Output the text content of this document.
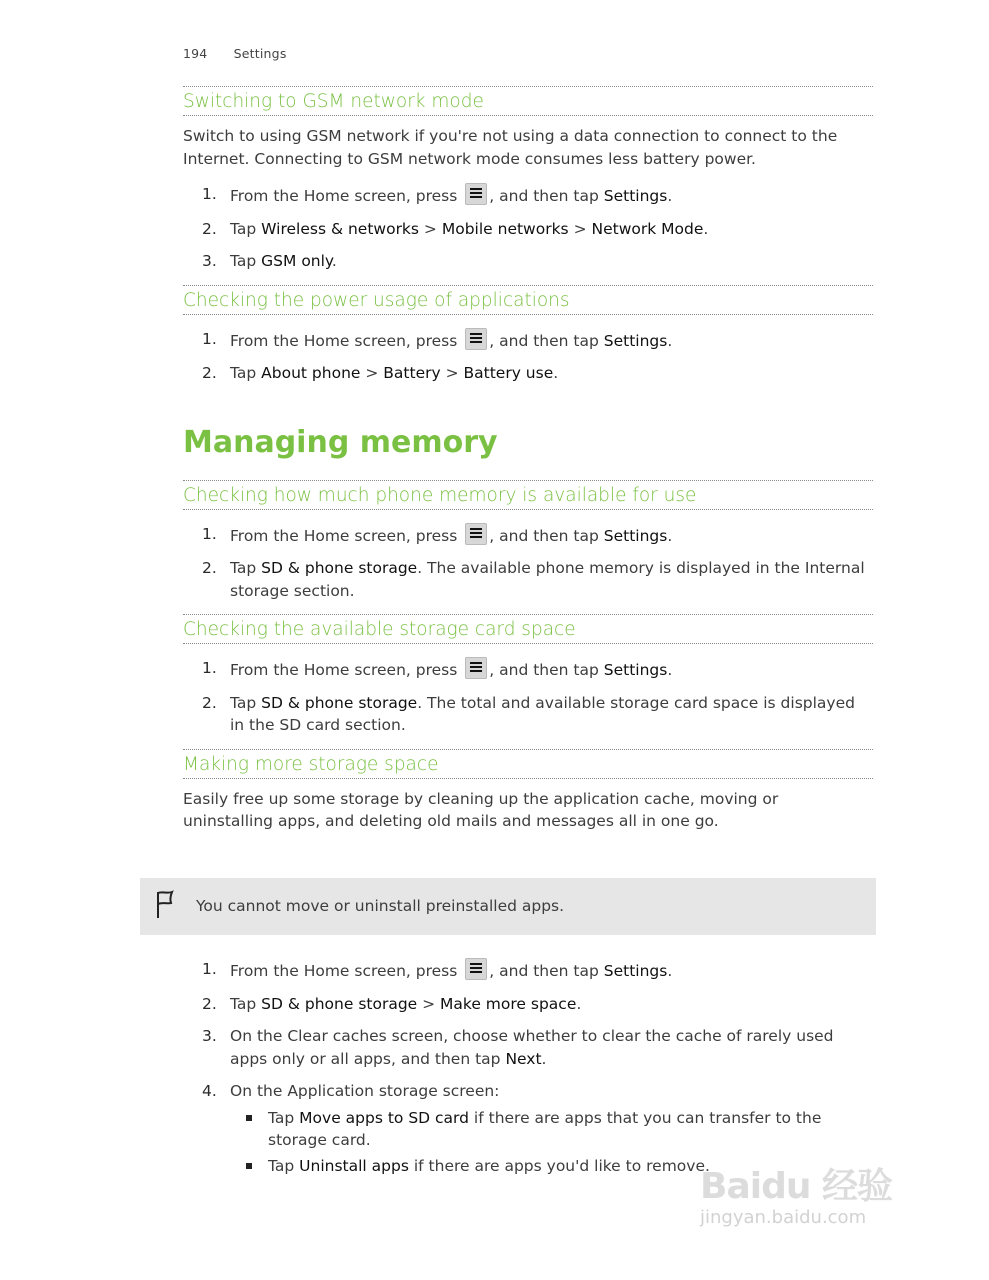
194 Settings
Switching to GSM network mode

Switch to using GSM network if you're not using a data connection to connect to the Internet. Connecting to GSM network mode consumes less battery power.

1. From the Home screen, press , and then tap Settings.
2. Tap Wireless & networks > Mobile networks > Network Mode.
3. Tap GSM only.
Checking the power usage of applications
1. From the Home screen, press , and then tap Settings.
2. Tap About phone > Battery > Battery use.
Managing memory
Checking how much phone memory is available for use
1. From the Home screen, press , and then tap Settings.
2. Tap SD & phone storage. The available phone memory is displayed in the Internal storage section.
Checking the available storage card space
1. From the Home screen, press , and then tap Settings.
2. Tap SD & phone storage. The total and available storage card space is displayed in the SD card section.
Making more storage space

Easily free up some storage by cleaning up the application cache, moving or uninstalling apps, and deleting old mails and messages all in one go.

You cannot move or uninstall preinstalled apps.
1. From the Home screen, press , and then tap Settings.
2. Tap SD & phone storage > Make more space.
3. On the Clear caches screen, choose whether to clear the cache of rarely used apps only or all apps, and then tap Next.
4. On the Application storage screen:
Tap Move apps to SD card if there are apps that you can transfer to the storage card.
Tap Uninstall apps if there are apps you'd like to remove.
Baidu 经验
jingyan.baidu.com
